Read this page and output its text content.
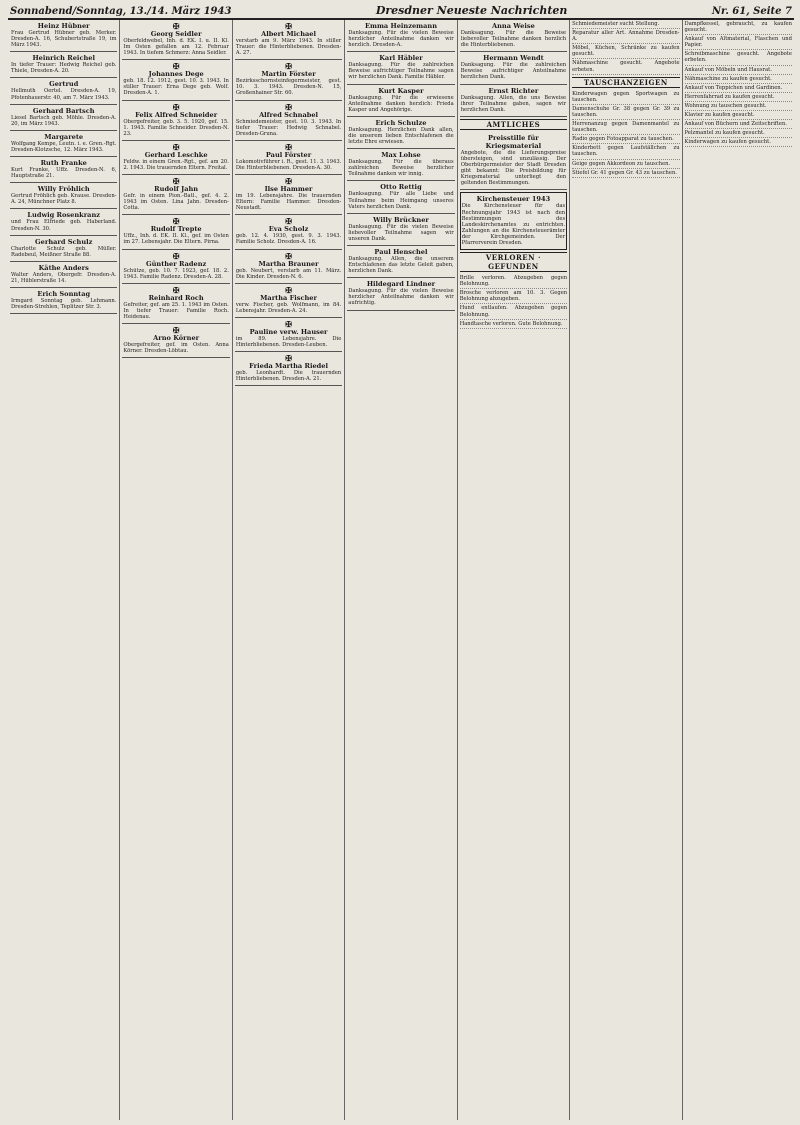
Sonnabend/Sonntag, 13./14. März 1943	Dresdner Neueste Nachrichten	Nr. 61, Seite 7
Heinz Hübner
Frau Gertrud Hübner geb. Merker. Dresden-A. 16, Schubertstraße 19, im März 1943.
Heinrich Reichel
In tiefer Trauer: Hedwig Reichel geb. Thiele, Dresden-A. 20.
Gertrud
Hellmuth Oertel. Dresden-A. 19, Pfotenhauerstr. 40, am 7. März 1943.
Gerhard Bartsch
Liesel Bartsch geb. Möhle. Dresden-A. 20, im März 1943.
Margarete
Wolfgang Kempe, Leutn. i. e. Gren.-Rgt. Dresden-Klotzsche, 12. März 1943.
Ruth Franke
Kurt Franke, Uffz. Dresden-N. 6, Hauptstraße 21.
Willy Fröhlich
Gertrud Fröhlich geb. Krause. Dresden-A. 24, Münchner Platz 8.
Ludwig Rosenkranz
und Frau Elfriede geb. Haberland. Dresden-N. 30.
Gerhard Schulz
Charlotte Schulz geb. Müller. Radebeul, Meißner Straße 88.
Käthe Anders
Walter Anders, Obergefr. Dresden-A. 21, Hüblerstraße 14.
Erich Sonntag
Irmgard Sonntag geb. Lehmann. Dresden-Strehlen, Teplitzer Str. 3.
✠
Georg Seidler
Oberfeldwebel, Inh. d. EK. I. u. II. Kl. Im Osten gefallen am 12. Februar 1943. In tiefem Schmerz: Anna Seidler.
✠
Johannes Dege
geb. 18. 12. 1912, gest. 10. 3. 1943. In stiller Trauer: Erna Dege geb. Wolf. Dresden-A. 1.
✠
Felix Alfred Schneider
Obergefreiter, geb. 3. 5. 1920, gef. 15. 1. 1943. Familie Schneider. Dresden-N. 23.
✠
Gerhard Leschke
Feldw. in einem Gren.-Rgt., gef. am 20. 2. 1943. Die trauernden Eltern. Freital.
✠
Rudolf Jahn
Gefr. in einem Pion.-Batl., gef. 4. 2. 1943 im Osten. Lina Jahn. Dresden-Cotta.
✠
Rudolf Trepte
Uffz., Inh. d. EK. II. Kl., gef. im Osten im 27. Lebensjahr. Die Eltern. Pirna.
✠
Günther Radenz
Schütze, geb. 10. 7. 1923, gef. 18. 2. 1943. Familie Radenz. Dresden-A. 28.
✠
Reinhard Roch
Gefreiter, gef. am 25. 1. 1943 im Osten. In tiefer Trauer: Familie Roch. Heidenau.
✠
Arno Körner
Obergefreiter, gef. im Osten. Anna Körner. Dresden-Löbtau.
✠
Albert Michael
verstarb am 9. März 1943. In stiller Trauer: die Hinterbliebenen. Dresden-A. 27.
✠
Martin Förster
Bezirksschornsteinfegermeister, gest. 10. 3. 1943. Dresden-N. 15, Großenhainer Str. 60.
✠
Alfred Schnabel
Schmiedemeister, gest. 10. 3. 1943. In tiefer Trauer: Hedwig Schnabel. Dresden-Gruna.
✠
Paul Förster
Lokomotivführer i. R., gest. 11. 3. 1943. Die Hinterbliebenen. Dresden-A. 30.
✠
Ilse Hammer
im 19. Lebensjahre. Die trauernden Eltern: Familie Hammer. Dresden-Neustadt.
✠
Eva Scholz
geb. 12. 4. 1930, gest. 9. 3. 1943. Familie Scholz. Dresden-A. 16.
✠
Martha Brauner
geb. Neubert, verstarb am 11. März. Die Kinder. Dresden-N. 6.
✠
Martha Fischer
verw. Fischer, geb. Wolfmann, im 84. Lebensjahr. Dresden-A. 24.
✠
Pauline verw. Hauser
im 89. Lebensjahre. Die Hinterbliebenen. Dresden-Leuben.
✠
Frieda Martha Riedel
geb. Leonhardt. Die trauernden Hinterbliebenen. Dresden-A. 21.
Emma Heinzemann
Danksagung. Für die vielen Beweise herzlicher Anteilnahme danken wir herzlich. Dresden-A.
Karl Häbler
Danksagung. Für die zahlreichen Beweise aufrichtiger Teilnahme sagen wir herzlichen Dank. Familie Häbler.
Kurt Kasper
Danksagung. Für die erwiesene Anteilnahme danken herzlich: Frieda Kasper und Angehörige.
Erich Schulze
Danksagung. Herzlichen Dank allen, die unserem lieben Entschlafenen die letzte Ehre erwiesen.
Max Lohse
Danksagung. Für die überaus zahlreichen Beweise herzlicher Teilnahme danken wir innig.
Otto Rettig
Danksagung. Für alle Liebe und Teilnahme beim Heimgang unseres Vaters herzlichen Dank.
Willy Brückner
Danksagung. Für die vielen Beweise liebevoller Teilnahme sagen wir unseren Dank.
Paul Henschel
Danksagung. Allen, die unserem Entschlafenen das letzte Geleit gaben, herzlichen Dank.
Hildegard Lindner
Danksagung. Für die vielen Beweise herzlicher Anteilnahme danken wir aufrichtig.
Anna Weise
Danksagung. Für die Beweise liebevoller Teilnahme danken herzlich die Hinterbliebenen.
Hermann Wendt
Danksagung. Für die zahlreichen Beweise aufrichtiger Anteilnahme herzlichen Dank.
Ernst Richter
Danksagung. Allen, die uns Beweise ihrer Teilnahme gaben, sagen wir herzlichen Dank.
AMTLICHES
Preisstille für Kriegsmaterial
Angebote, die die Lieferungspreise übersteigen, sind unzulässig. Der Oberbürgermeister der Stadt Dresden gibt bekannt: Die Preisbildung für Kriegsmaterial unterliegt den geltenden Bestimmungen.
Kirchensteuer 1943
Die Kirchensteuer für das Rechnungsjahr 1943 ist nach den Bestimmungen des Landeskirchenamtes zu entrichten. Zahlungen an die Kirchensteuerämter der Kirchgemeinden. Der Pfarrerverein Dresden.
VERLOREN · GEFUNDEN
Brille verloren. Abzugeben gegen Belohnung.
Brosche verloren am 10. 3. Gegen Belohnung abzugeben.
Hund entlaufen. Abzugeben gegen Belohnung.
Handtasche verloren. Gute Belohnung.
Schmiedemeister sucht Stellung.
Reparatur aller Art. Annahme Dresden-A.
Möbel, Küchen, Schränke zu kaufen gesucht.
Nähmaschine gesucht. Angebote erbeten.
TAUSCHANZEIGEN
Kinderwagen gegen Sportwagen zu tauschen.
Damenschuhe Gr. 38 gegen Gr. 39 zu tauschen.
Herrenanzug gegen Damenmantel zu tauschen.
Radio gegen Fotoapparat zu tauschen.
Kinderbett gegen Laufställchen zu tauschen.
Geige gegen Akkordeon zu tauschen.
Stiefel Gr. 41 gegen Gr. 43 zu tauschen.
Dampfkessel, gebraucht, zu kaufen gesucht.
Ankauf von Altmaterial, Flaschen und Papier.
Schreibmaschine gesucht. Angebote erbeten.
Ankauf von Möbeln und Hausrat.
Nähmaschine zu kaufen gesucht.
Ankauf von Teppichen und Gardinen.
Herrenfahrrad zu kaufen gesucht.
Wohnung zu tauschen gesucht.
Klavier zu kaufen gesucht.
Ankauf von Büchern und Zeitschriften.
Pelzmantel zu kaufen gesucht.
Kinderwagen zu kaufen gesucht.
